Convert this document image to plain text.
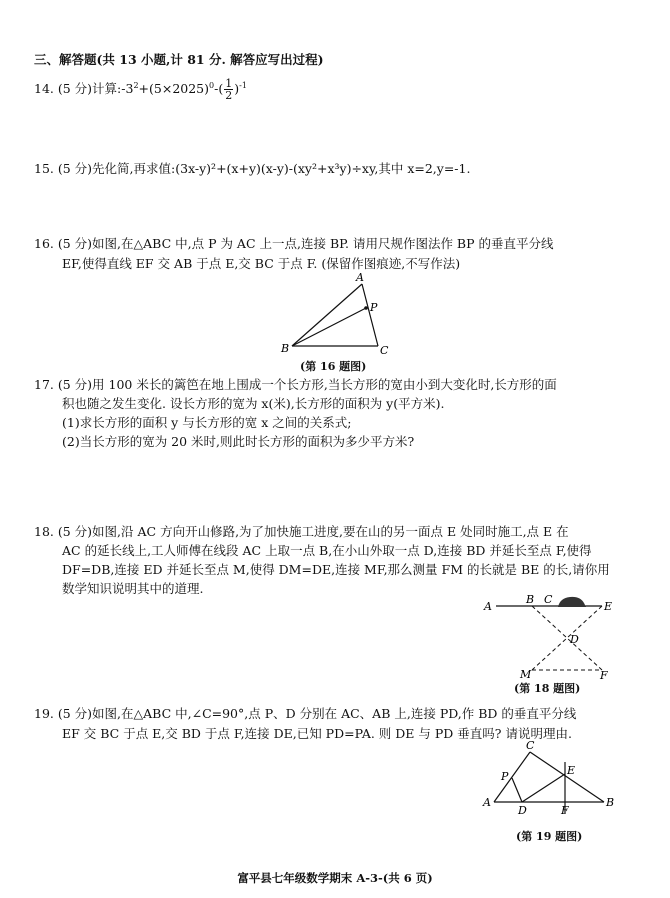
三、解答题(共 13 小题,计 81 分. 解答应写出过程)
14. (5 分)计算$:-3^2+(5\times 2025)^0-( \frac{1}{2} )^{-1}$
15. (5 分)先化简,再求值:(3x-y)²+(x+y)(x-y)-(xy²+x³y)÷xy,其中 x=2,y=-1.
16. (5 分)如图,在△ABC 中,点 P 为 AC 上一点,连接 BP. 请用尺规作图法作 BP 的垂直平分线
EF,使得直线 EF 交 AB 于点 E,交 BC 于点 F. (保留作图痕迹,不写作法)
A
P
B	C
(第 16 题图)
17. (5 分)用 100 米长的篱笆在地上围成一个长方形,当长方形的宽由小到大变化时,长方形的面
积也随之发生变化. 设长方形的宽为 x(米),长方形的面积为 y(平方米).
(1)求长方形的面积 y 与长方形的宽 x 之间的关系式;
(2)当长方形的宽为 20 米时,则此时长方形的面积为多少平方米?
18. (5 分)如图,沿 AC 方向开山修路,为了加快施工进度,要在山的另一面点 E 处同时施工,点 E 在
AC 的延长线上,工人师傅在线段 AC 上取一点 B,在小山外取一点 D,连接 BD 并延长至点 F,使得
DF=DB,连接 ED 并延长至点 M,使得 DM=DE,连接 MF,那么测量 FM 的长就是 BE 的长,请你用
数学知识说明其中的道理.
A
B C
E
D
M	F
(第 18 题图)
19. (5 分)如图,在△ABC 中,∠C=90°,点 P、D 分别在 AC、AB 上,连接 PD,作 BD 的垂直平分线
EF 交 BC 于点 E,交 BD 于点 F,连接 DE,已知 PD=PA. 则 DE 与 PD 垂直吗? 请说明理由.
C
P	E
A
D	F
B
(第 19 题图)
富平县七年级数学期末 A-3-(共 6 页)
